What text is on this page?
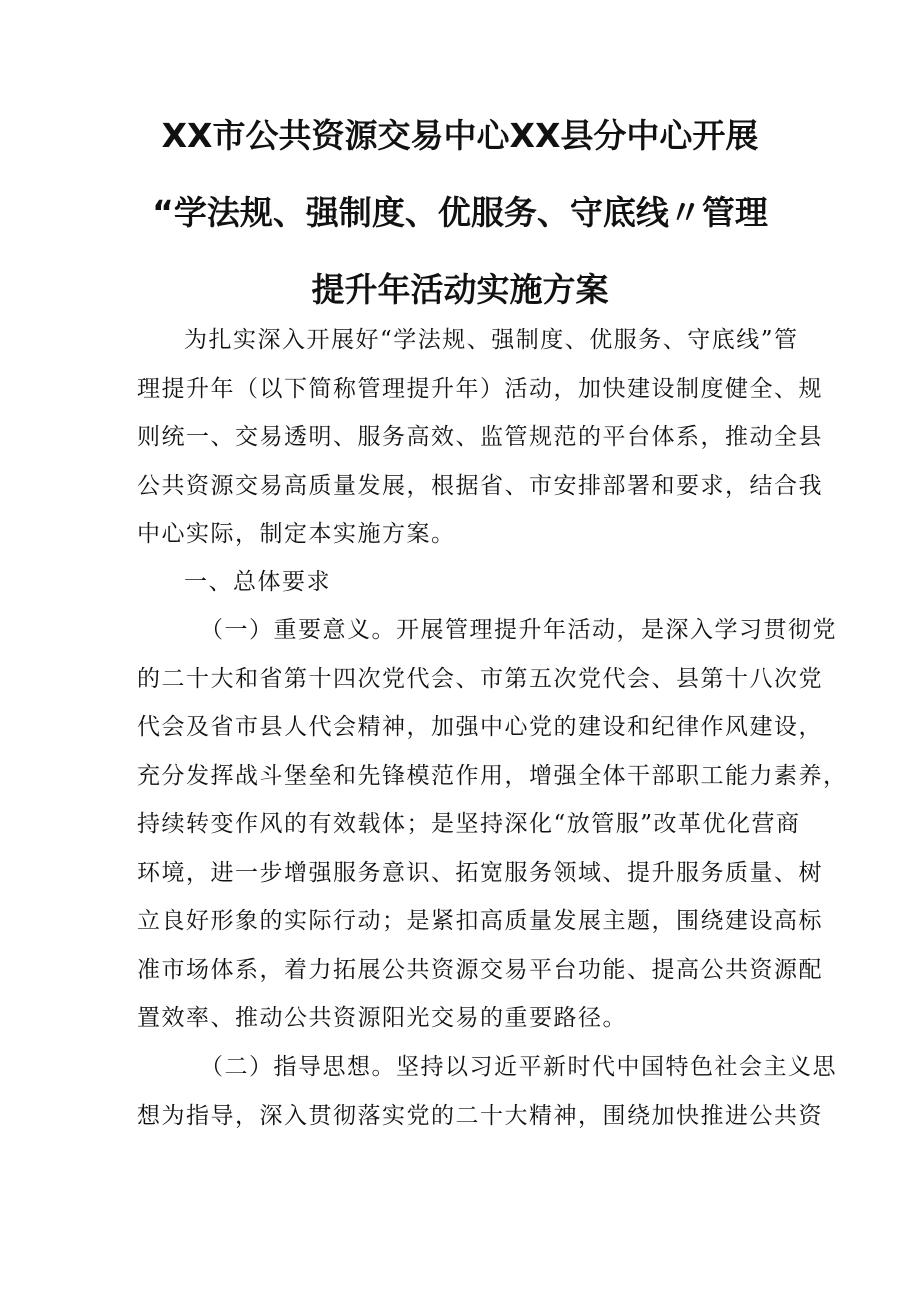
XX市公共资源交易中心XX县分中心开展
“学法规、强制度、优服务、守底线〃管理
提升年活动实施方案
为扎实深入开展好“学法规、强制度、优服务、守底线”管
理提升年（以下简称管理提升年）活动，加快建设制度健全、规
则统一、交易透明、服务高效、监管规范的平台体系，推动全县
公共资源交易高质量发展，根据省、市安排部署和要求，结合我
中心实际，制定本实施方案。
一、总体要求
（一）重要意义。开展管理提升年活动，是深入学习贯彻党
的二十大和省第十四次党代会、市第五次党代会、县第十八次党
代会及省市县人代会精神，加强中心党的建设和纪律作风建设，
充分发挥战斗堡垒和先锋模范作用，增强全体干部职工能力素养，
持续转变作风的有效载体；是坚持深化“放管服”改革优化营商
环境，进一步增强服务意识、拓宽服务领域、提升服务质量、树
立良好形象的实际行动；是紧扣高质量发展主题，围绕建设高标
准市场体系，着力拓展公共资源交易平台功能、提高公共资源配
置效率、推动公共资源阳光交易的重要路径。
（二）指导思想。坚持以习近平新时代中国特色社会主义思
想为指导，深入贯彻落实党的二十大精神，围绕加快推进公共资
